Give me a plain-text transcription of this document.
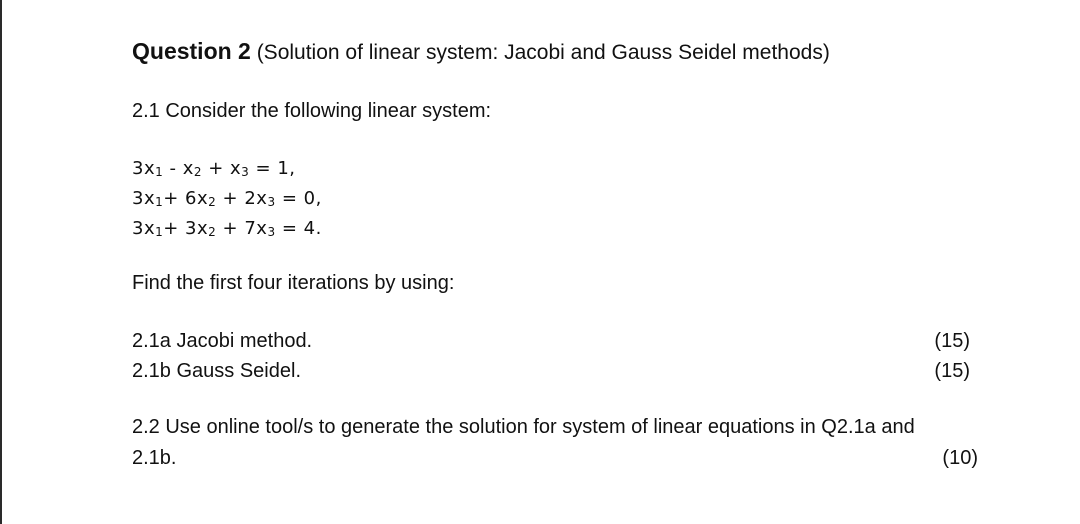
Question 2 (Solution of linear system: Jacobi and Gauss Seidel methods)
2.1 Consider the following linear system:
$3x_1 - x_2 + x_3 = 1$,
$3x_1+ 6x_2 + 2x_3 = 0$,
$3x_1+ 3x_2 + 7x_3 = 4$.
Find the first four iterations by using:
2.1a Jacobi method.	(15)
2.1b Gauss Seidel.	(15)
2.2 Use online tool/s to generate the solution for system of linear equations in Q2.1a and
2.1b.	(10)
